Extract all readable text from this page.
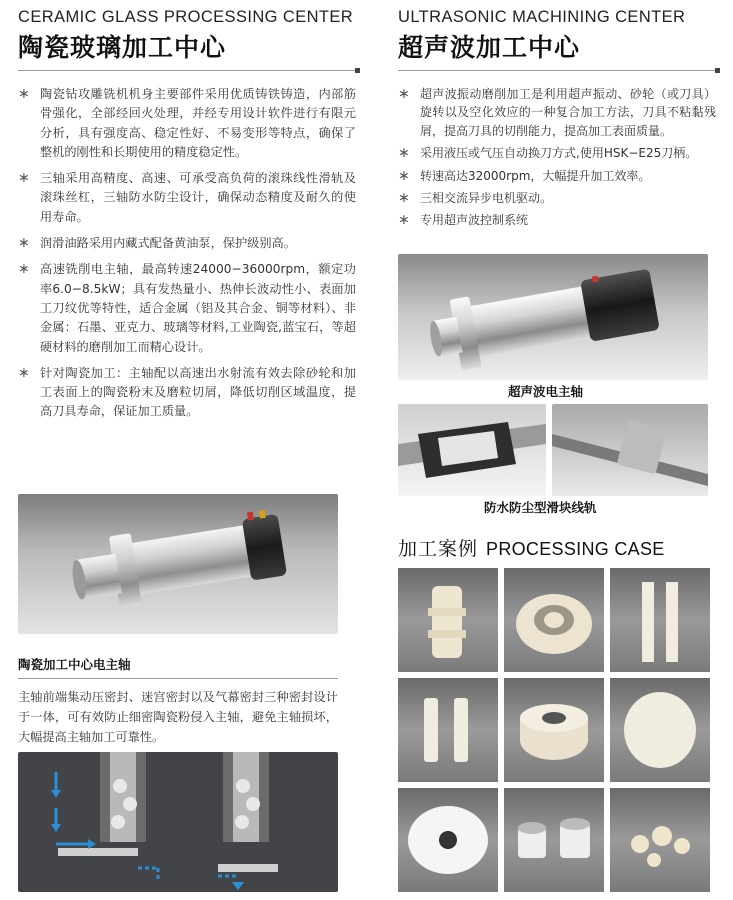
CERAMIC GLASS PROCESSING CENTER
陶瓷玻璃加工中心
∗ 陶瓷钻攻雕铣机机身主要部件采用优质铸铁铸造，内部筋骨强化，全部经回火处理，并经专用设计软件进行有限元分析，具有强度高、稳定性好、不易变形等特点，确保了整机的刚性和长期使用的精度稳定性。
∗ 三轴采用高精度、高速、可承受高负荷的滚珠线性滑轨及滚珠丝杠，三轴防水防尘设计，确保动态精度及耐久的使用寿命。
∗ 润滑油路采用内藏式配备黄油泵，保护级别高。
∗ 高速铣削电主轴，最高转速24000−36000rpm，额定功率6.0−8.5kW；具有发热量小、热伸长波动性小、表面加工刀纹优等特性，适合金属（铝及其合金、铜等材料）、非金属：石墨、亚克力、玻璃等材料,工业陶瓷,蓝宝石，等超硬材料的磨削加工而精心设计。
∗ 针对陶瓷加工：主轴配以高速出水射流有效去除砂轮和加工表面上的陶瓷粉末及磨粒切屑，降低切削区域温度，提高刀具寿命，保证加工质量。
陶瓷加工中心电主轴
主轴前端集动压密封、迷宫密封以及气幕密封三种密封设计于一体，可有效防止细密陶瓷粉侵入主轴，避免主轴损坏，大幅提高主轴加工可靠性。
ULTRASONIC MACHINING CENTER
超声波加工中心
∗ 超声波振动磨削加工是利用超声振动、砂轮（或刀具）旋转以及空化效应的一种复合加工方法，刀具不粘黏残屑，提高刀具的切削能力，提高加工表面质量。
∗ 采用液压或气压自动换刀方式,使用HSK−E25刀柄。
∗ 转速高达32000rpm，大幅提升加工效率。
∗ 三相交流异步电机驱动。
∗ 专用超声波控制系统
超声波电主轴
防水防尘型滑块线轨
加工案例 PROCESSING CASE
